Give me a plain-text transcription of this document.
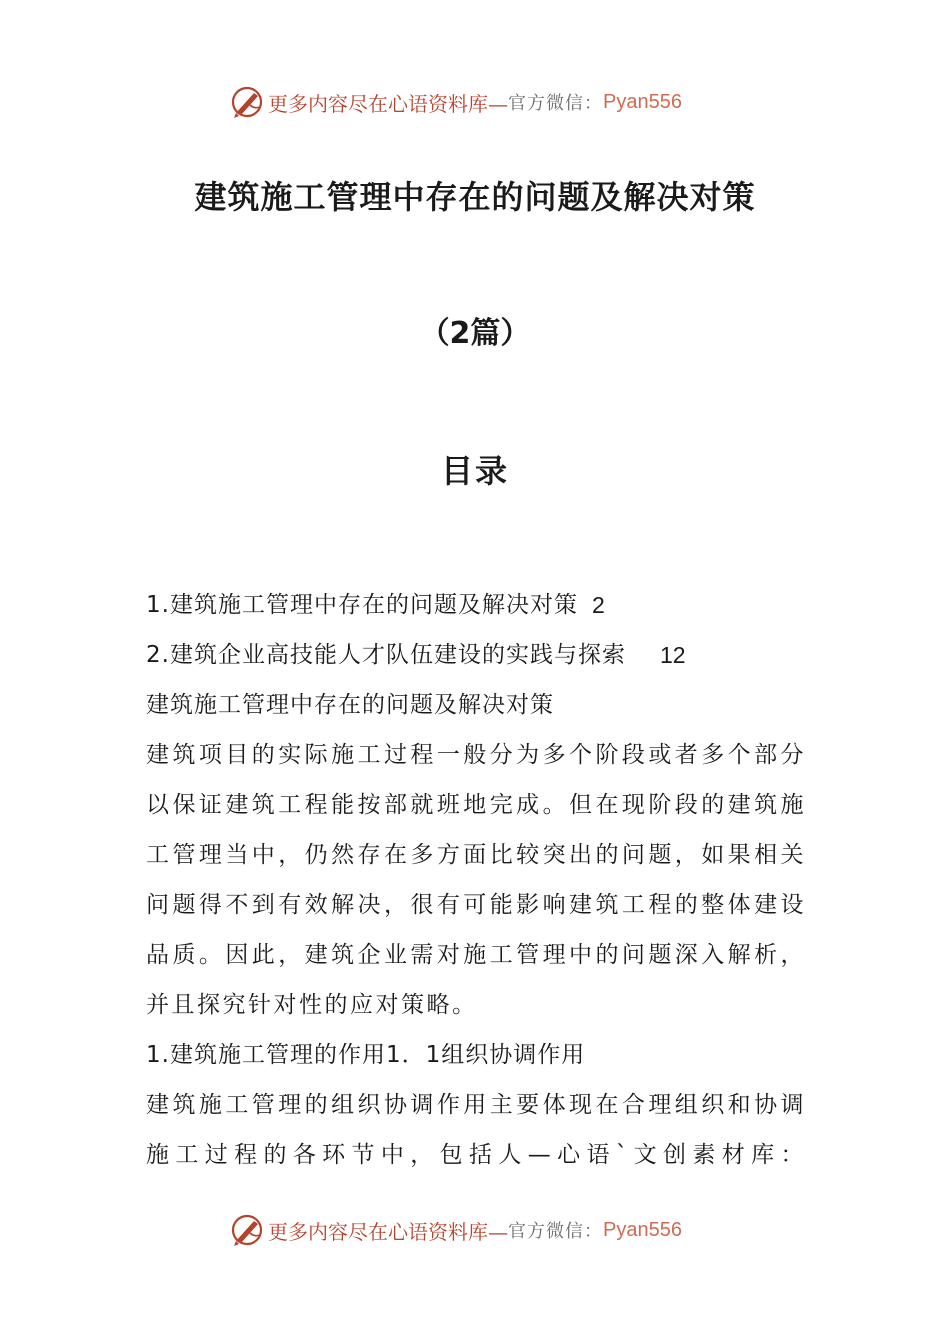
更多内容尽在心语资料库— 官方微信： Pyan556
建筑施工管理中存在的问题及解决对策
（2篇）
目录
1.建筑施工管理中存在的问题及解决对策 2
2.建筑企业高技能人才队伍建设的实践与探索 12
建筑施工管理中存在的问题及解决对策
建筑项目的实际施工过程一般分为多个阶段或者多个部分以保证建筑工程能按部就班地完成。但在现阶段的建筑施工管理当中，仍然存在多方面比较突出的问题，如果相关问题得不到有效解决，很有可能影响建筑工程的整体建设品质。因此，建筑企业需对施工管理中的问题深入解析，并且探究针对性的应对策略。
1.建筑施工管理的作用1．1组织协调作用
建筑施工管理的组织协调作用主要体现在合理组织和协调
施工过程的各环节中，包括人—心语`文创素材库：
更多内容尽在心语资料库— 官方微信： Pyan556
